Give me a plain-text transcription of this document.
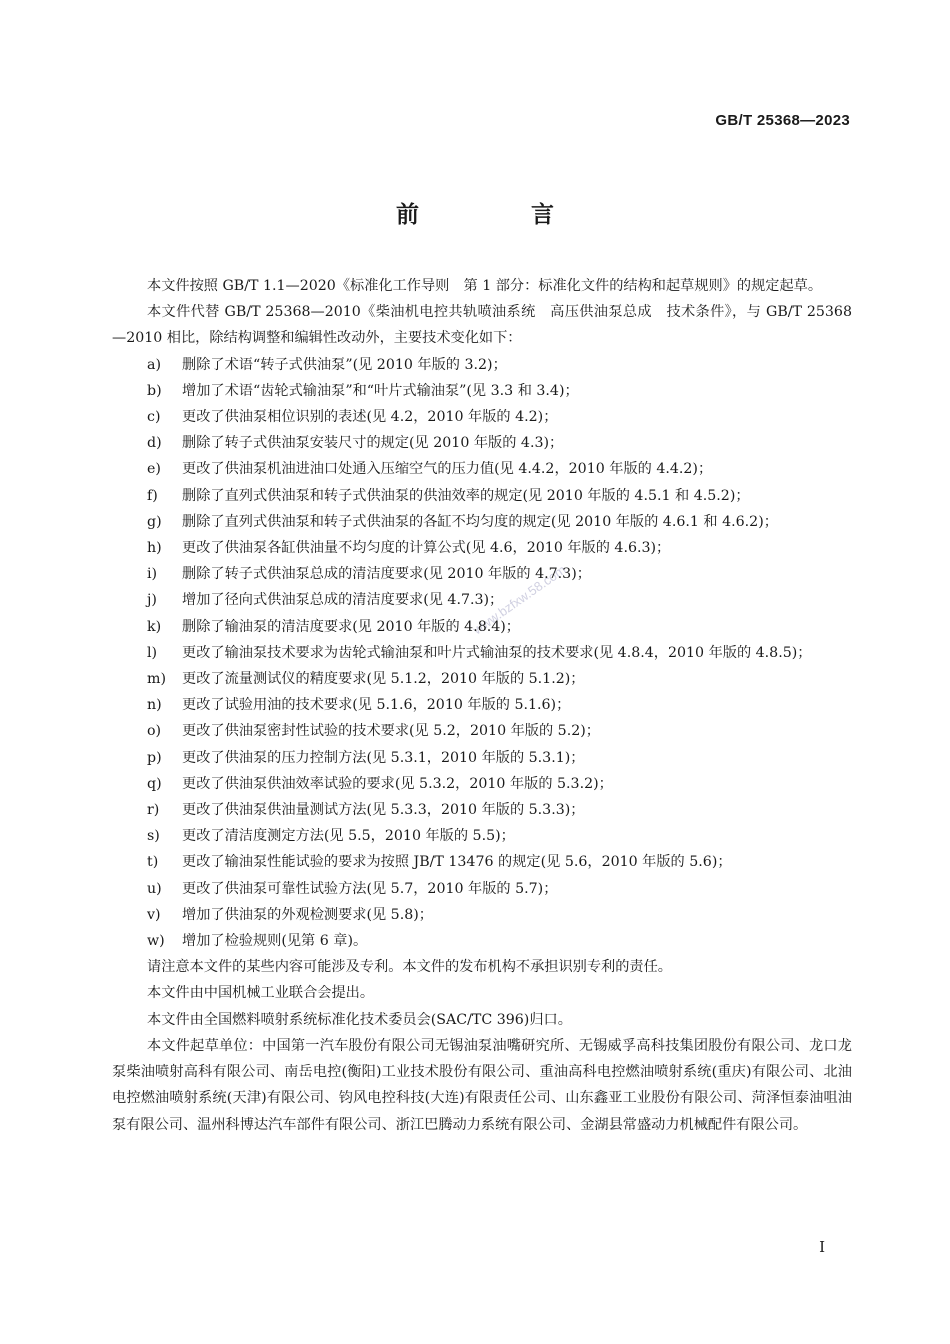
GB/T 25368—2023
前 言
www.bzfxw.58.com

本文件按照 GB/T 1.1—2020《标准化工作导则　第 1 部分：标准化文件的结构和起草规则》的规定起草。

本文件代替 GB/T 25368—2010《柴油机电控共轨喷油系统　高压供油泵总成　技术条件》，与 GB/T 25368—2010 相比，除结构调整和编辑性改动外，主要技术变化如下：

a)	删除了术语“转子式供油泵”(见 2010 年版的 3.2)；
b)	增加了术语“齿轮式输油泵”和“叶片式输油泵”(见 3.3 和 3.4)；
c)	更改了供油泵相位识别的表述(见 4.2，2010 年版的 4.2)；
d)	删除了转子式供油泵安装尺寸的规定(见 2010 年版的 4.3)；
e)	更改了供油泵机油进油口处通入压缩空气的压力值(见 4.4.2，2010 年版的 4.4.2)；
f)	删除了直列式供油泵和转子式供油泵的供油效率的规定(见 2010 年版的 4.5.1 和 4.5.2)；
g)	删除了直列式供油泵和转子式供油泵的各缸不均匀度的规定(见 2010 年版的 4.6.1 和 4.6.2)；
h)	更改了供油泵各缸供油量不均匀度的计算公式(见 4.6，2010 年版的 4.6.3)；
i)	删除了转子式供油泵总成的清洁度要求(见 2010 年版的 4.7.3)；
j)	增加了径向式供油泵总成的清洁度要求(见 4.7.3)；
k)	删除了输油泵的清洁度要求(见 2010 年版的 4.8.4)；
l)	更改了输油泵技术要求为齿轮式输油泵和叶片式输油泵的技术要求(见 4.8.4，2010 年版的 4.8.5)；
m)	更改了流量测试仪的精度要求(见 5.1.2，2010 年版的 5.1.2)；
n)	更改了试验用油的技术要求(见 5.1.6，2010 年版的 5.1.6)；
o)	更改了供油泵密封性试验的技术要求(见 5.2，2010 年版的 5.2)；
p)	更改了供油泵的压力控制方法(见 5.3.1，2010 年版的 5.3.1)；
q)	更改了供油泵供油效率试验的要求(见 5.3.2，2010 年版的 5.3.2)；
r)	更改了供油泵供油量测试方法(见 5.3.3，2010 年版的 5.3.3)；
s)	更改了清洁度测定方法(见 5.5，2010 年版的 5.5)；
t)	更改了输油泵性能试验的要求为按照 JB/T 13476 的规定(见 5.6，2010 年版的 5.6)；
u)	更改了供油泵可靠性试验方法(见 5.7，2010 年版的 5.7)；
v)	增加了供油泵的外观检测要求(见 5.8)；
w)	增加了检验规则(见第 6 章)。

请注意本文件的某些内容可能涉及专利。本文件的发布机构不承担识别专利的责任。

本文件由中国机械工业联合会提出。

本文件由全国燃料喷射系统标准化技术委员会(SAC/TC 396)归口。

本文件起草单位：中国第一汽车股份有限公司无锡油泵油嘴研究所、无锡威孚高科技集团股份有限公司、龙口龙泵柴油喷射高科有限公司、南岳电控(衡阳)工业技术股份有限公司、重油高科电控燃油喷射系统(重庆)有限公司、北油电控燃油喷射系统(天津)有限公司、钧风电控科技(大连)有限责任公司、山东鑫亚工业股份有限公司、菏泽恒泰油咀油泵有限公司、温州科博达汽车部件有限公司、浙江巴腾动力系统有限公司、金湖县常盛动力机械配件有限公司。

I
